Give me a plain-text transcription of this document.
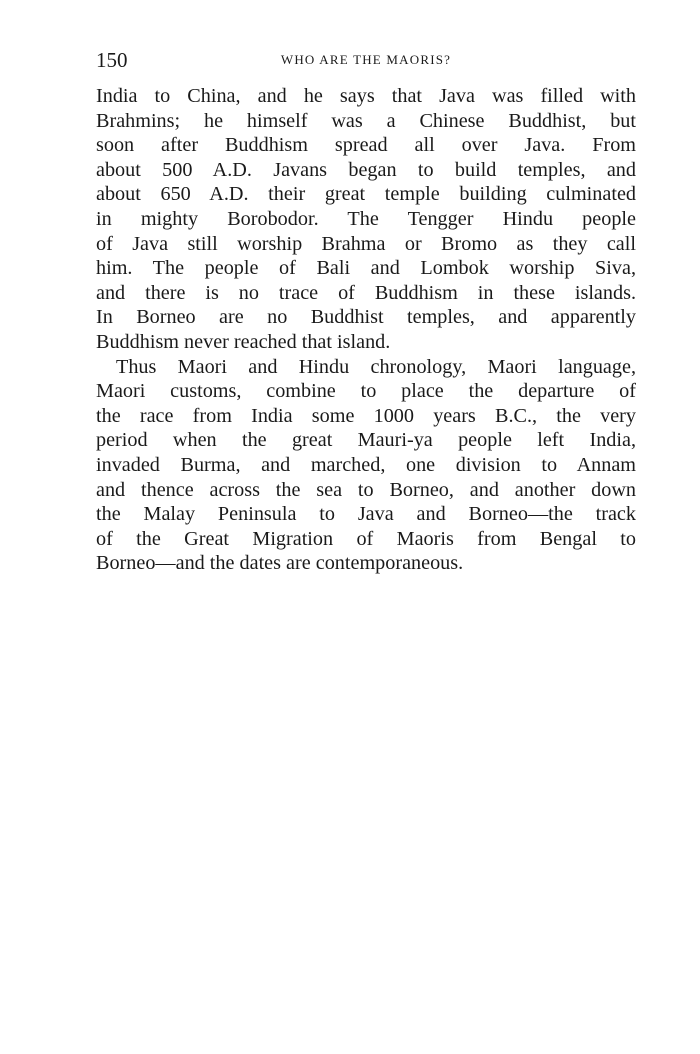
150	WHO ARE THE MAORIS?
India to China, and he says that Java was filled with
Brahmins; he himself was a Chinese Buddhist, but
soon after Buddhism spread all over Java. From
about 500 A.D. Javans began to build temples, and
about 650 A.D. their great temple building culminated
in mighty Borobodor. The Tengger Hindu people
of Java still worship Brahma or Bromo as they call
him. The people of Bali and Lombok worship Siva,
and there is no trace of Buddhism in these islands.
In Borneo are no Buddhist temples, and apparently
Buddhism never reached that island.
Thus Maori and Hindu chronology, Maori language,
Maori customs, combine to place the departure of
the race from India some 1000 years B.C., the very
period when the great Mauri-ya people left India,
invaded Burma, and marched, one division to Annam
and thence across the sea to Borneo, and another down
the Malay Peninsula to Java and Borneo—the track
of the Great Migration of Maoris from Bengal to
Borneo—and the dates are contemporaneous.
